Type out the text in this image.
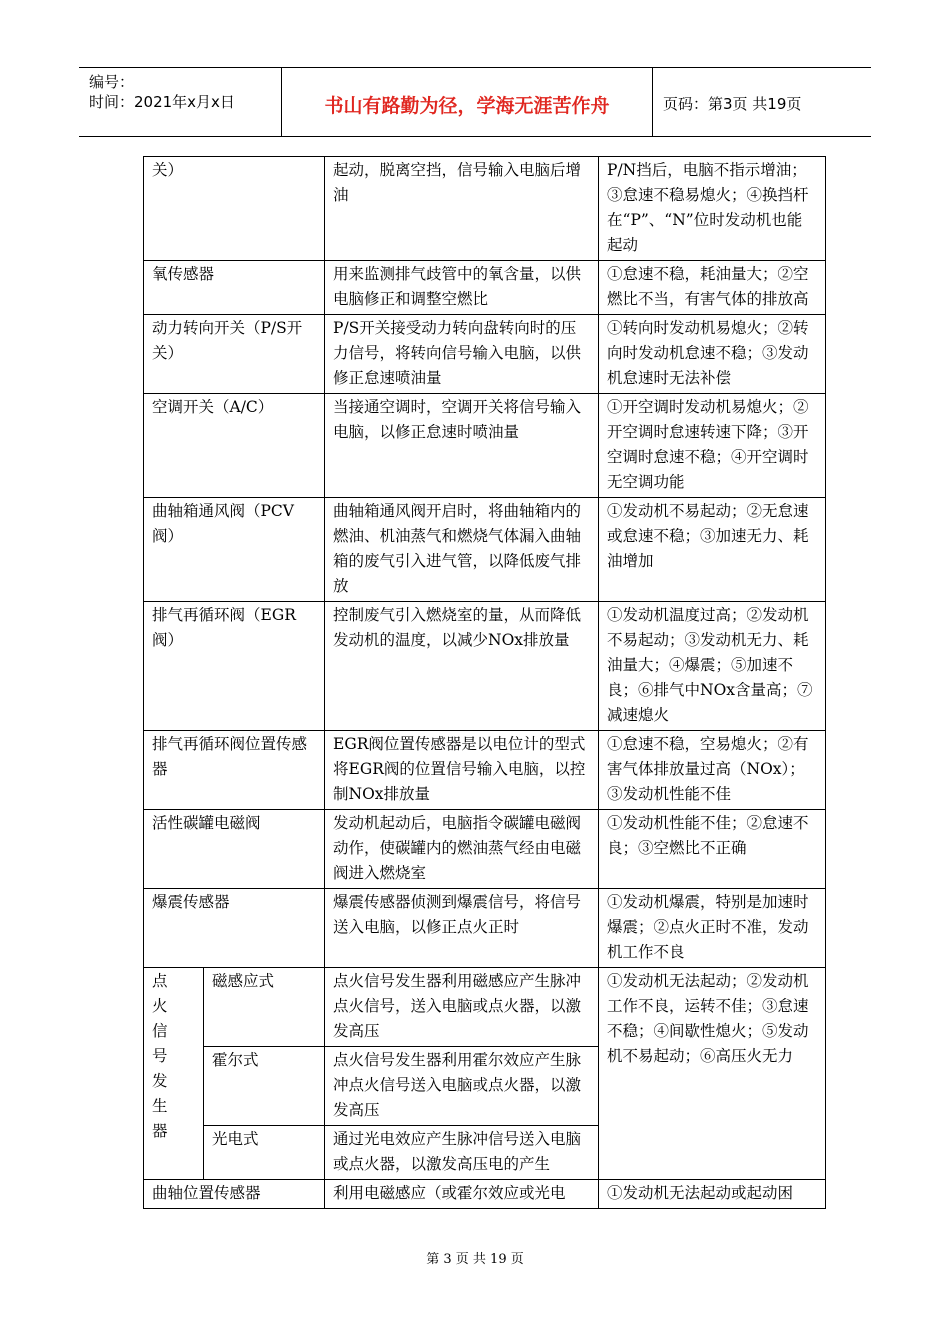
编号：
时间：2021年x月x日	书山有路勤为径，学海无涯苦作舟	页码：第3页 共19页
关）		起动，脱离空挡，信号输入电脑后增油	P/N挡后，电脑不指示增油；③怠速不稳易熄火；④换挡杆在“P”、“N”位时发动机也能起动
氧传感器		用来监测排气歧管中的氧含量，以供电脑修正和调整空燃比	①怠速不稳，耗油量大；②空燃比不当，有害气体的排放高
动力转向开关（P/S开关）		P/S开关接受动力转向盘转向时的压力信号，将转向信号输入电脑，以供修正怠速喷油量	①转向时发动机易熄火；②转向时发动机怠速不稳；③发动机怠速时无法补偿
空调开关（A/C）		当接通空调时，空调开关将信号输入电脑，以修正怠速时喷油量	①开空调时发动机易熄火；②开空调时怠速转速下降；③开空调时怠速不稳；④开空调时无空调功能
曲轴箱通风阀（PCV阀）		曲轴箱通风阀开启时，将曲轴箱内的燃油、机油蒸气和燃烧气体漏入曲轴箱的废气引入进气管，以降低废气排放	①发动机不易起动；②无怠速或怠速不稳；③加速无力、耗油增加
排气再循环阀（EGR阀）		控制废气引入燃烧室的量，从而降低发动机的温度，以减少NOx排放量	①发动机温度过高；②发动机不易起动；③发动机无力、耗油量大；④爆震；⑤加速不良；⑥排气中NOx含量高；⑦减速熄火
排气再循环阀位置传感器		EGR阀位置传感器是以电位计的型式将EGR阀的位置信号输入电脑，以控制NOx排放量	①怠速不稳，空易熄火；②有害气体排放量过高（NOx）；③发动机性能不佳
活性碳罐电磁阀		发动机起动后，电脑指令碳罐电磁阀动作，使碳罐内的燃油蒸气经由电磁阀进入燃烧室	①发动机性能不佳；②怠速不良；③空燃比不正确
爆震传感器		爆震传感器侦测到爆震信号，将信号送入电脑，以修正点火正时	①发动机爆震，特别是加速时爆震；②点火正时不准，发动机工作不良
点火信号发生器	磁感应式	点火信号发生器利用磁感应产生脉冲点火信号，送入电脑或点火器，以激发高压	①发动机无法起动；②发动机工作不良，运转不佳；③怠速不稳；④间歇性熄火；⑤发动机不易起动；⑥高压火无力
	霍尔式	点火信号发生器利用霍尔效应产生脉冲点火信号送入电脑或点火器，以激发高压	
	光电式	通过光电效应产生脉冲信号送入电脑或点火器，以激发高压电的产生	
曲轴位置传感器		利用电磁感应（或霍尔效应或光电	①发动机无法起动或起动困
第 3 页 共 19 页
